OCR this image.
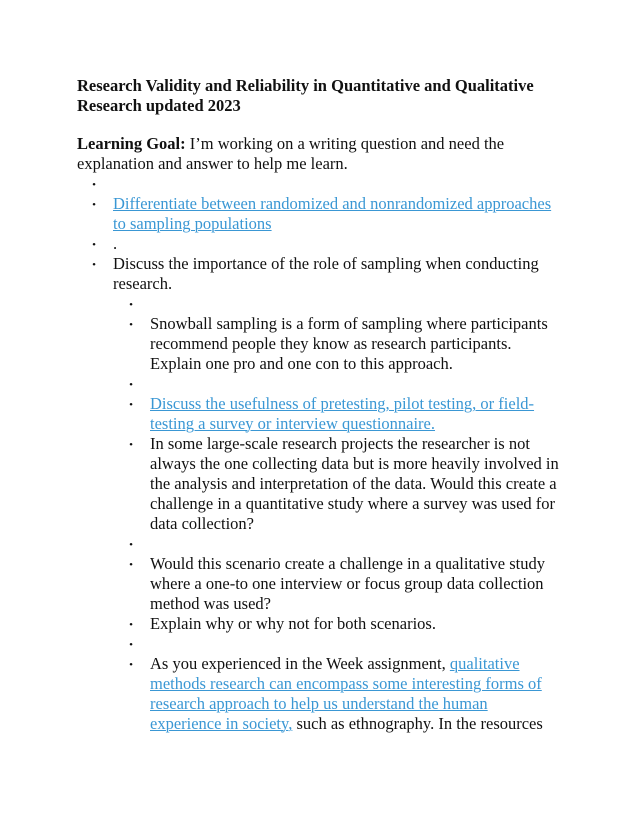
Research Validity and Reliability in Quantitative and Qualitative Research updated 2023

Learning Goal: I’m working on a writing question and need the explanation and answer to help me learn.

•
• Differentiate between randomized and nonrandomized approaches to sampling populations
• .
• Discuss the importance of the role of sampling when conducting research.
•
• Snowball sampling is a form of sampling where participants recommend people they know as research participants. Explain one pro and one con to this approach.
•
• Discuss the usefulness of pretesting, pilot testing, or field-testing a survey or interview questionnaire.
• In some large-scale research projects the researcher is not always the one collecting data but is more heavily involved in the analysis and interpretation of the data. Would this create a challenge in a quantitative study where a survey was used for data collection?
•
• Would this scenario create a challenge in a qualitative study where a one-to one interview or focus group data collection method was used?
• Explain why or why not for both scenarios.
•
• As you experienced in the Week assignment, qualitative methods research can encompass some interesting forms of research approach to help us understand the human experience in society, such as ethnography. In the resources
